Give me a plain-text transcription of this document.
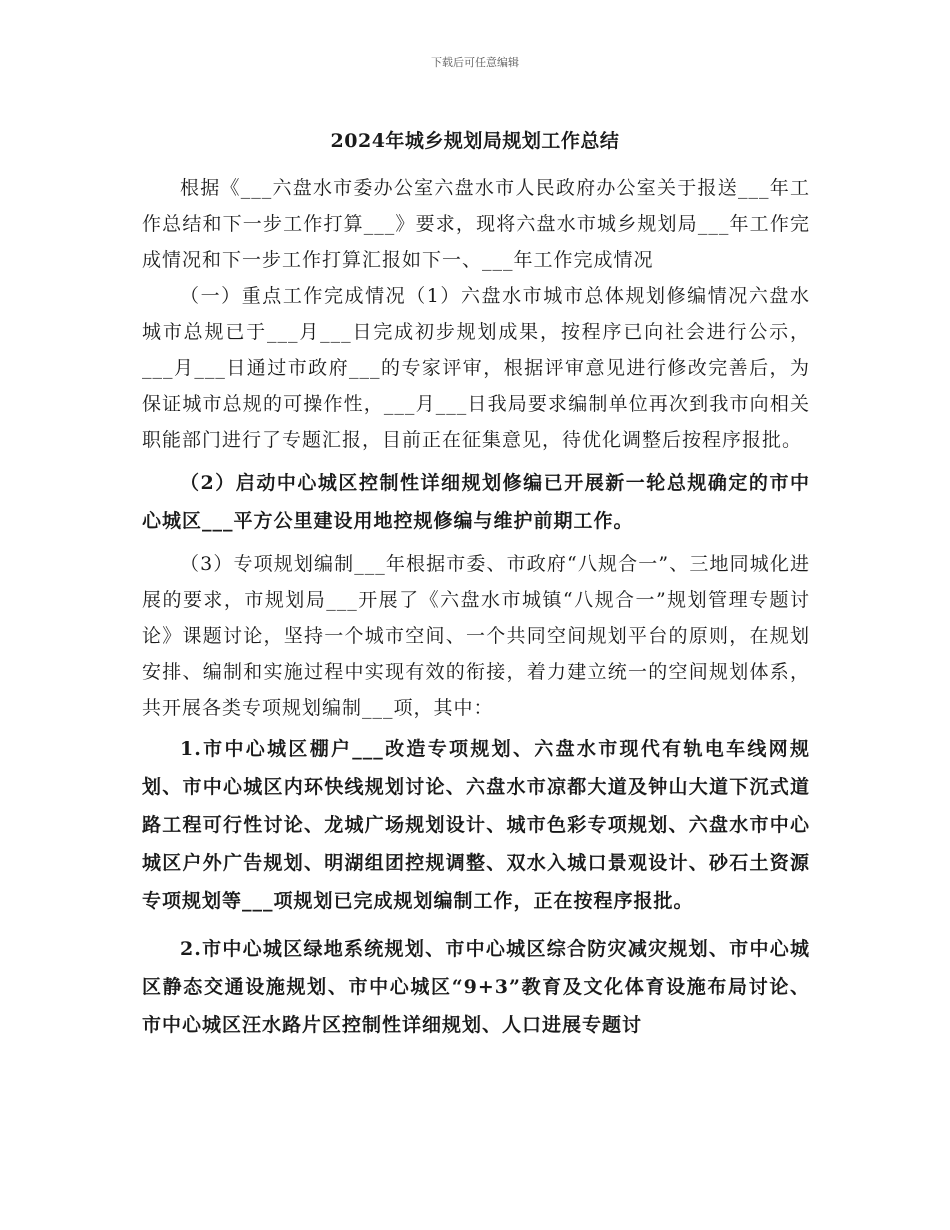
下载后可任意编辑
2024年城乡规划局规划工作总结

根据《___六盘水市委办公室六盘水市人民政府办公室关于报送___年工作总结和下一步工作打算___》要求，现将六盘水市城乡规划局___年工作完成情况和下一步工作打算汇报如下一、___年工作完成情况

（一）重点工作完成情况（1）六盘水市城市总体规划修编情况六盘水城市总规已于___月___日完成初步规划成果，按程序已向社会进行公示，___月___日通过市政府___的专家评审，根据评审意见进行修改完善后，为保证城市总规的可操作性，___月___日我局要求编制单位再次到我市向相关职能部门进行了专题汇报，目前正在征集意见，待优化调整后按程序报批。

（2）启动中心城区控制性详细规划修编已开展新一轮总规确定的市中心城区___平方公里建设用地控规修编与维护前期工作。

（3）专项规划编制___年根据市委、市政府“八规合一”、三地同城化进展的要求，市规划局___开展了《六盘水市城镇“八规合一”规划管理专题讨论》课题讨论，坚持一个城市空间、一个共同空间规划平台的原则，在规划安排、编制和实施过程中实现有效的衔接，着力建立统一的空间规划体系，共开展各类专项规划编制___项，其中：

1.市中心城区棚户___改造专项规划、六盘水市现代有轨电车线网规划、市中心城区内环快线规划讨论、六盘水市凉都大道及钟山大道下沉式道路工程可行性讨论、龙城广场规划设计、城市色彩专项规划、六盘水市中心城区户外广告规划、明湖组团控规调整、双水入城口景观设计、砂石土资源专项规划等___项规划已完成规划编制工作，正在按程序报批。

2.市中心城区绿地系统规划、市中心城区综合防灾减灾规划、市中心城区静态交通设施规划、市中心城区“9+3”教育及文化体育设施布局讨论、市中心城区汪水路片区控制性详细规划、人口进展专题讨
